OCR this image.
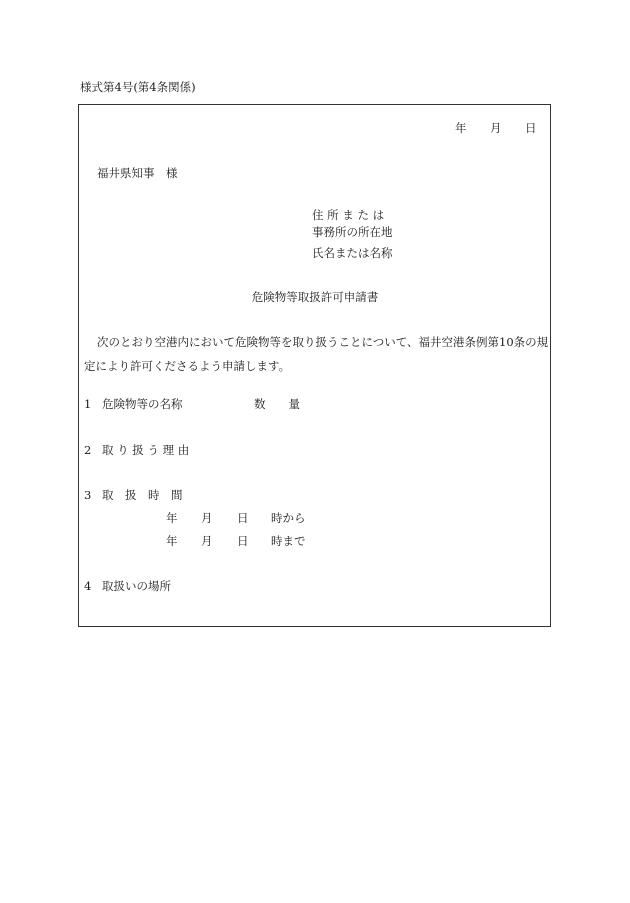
様式第4号(第4条関係)
年 月 日
福井県知事　様
住 所 ま た は
事務所の所在地
氏名または名称
危険物等取扱許可申請書
次のとおり空港内において危険物等を取り扱うことについて、福井空港条例第10条の規
定により許可くださるよう申請します。
1 危険物等の名称	数　　量
2 取 り 扱 う 理 由
3 取　扱　時　間
年 月 日 時から
年 月 日 時まで
4 取扱いの場所
